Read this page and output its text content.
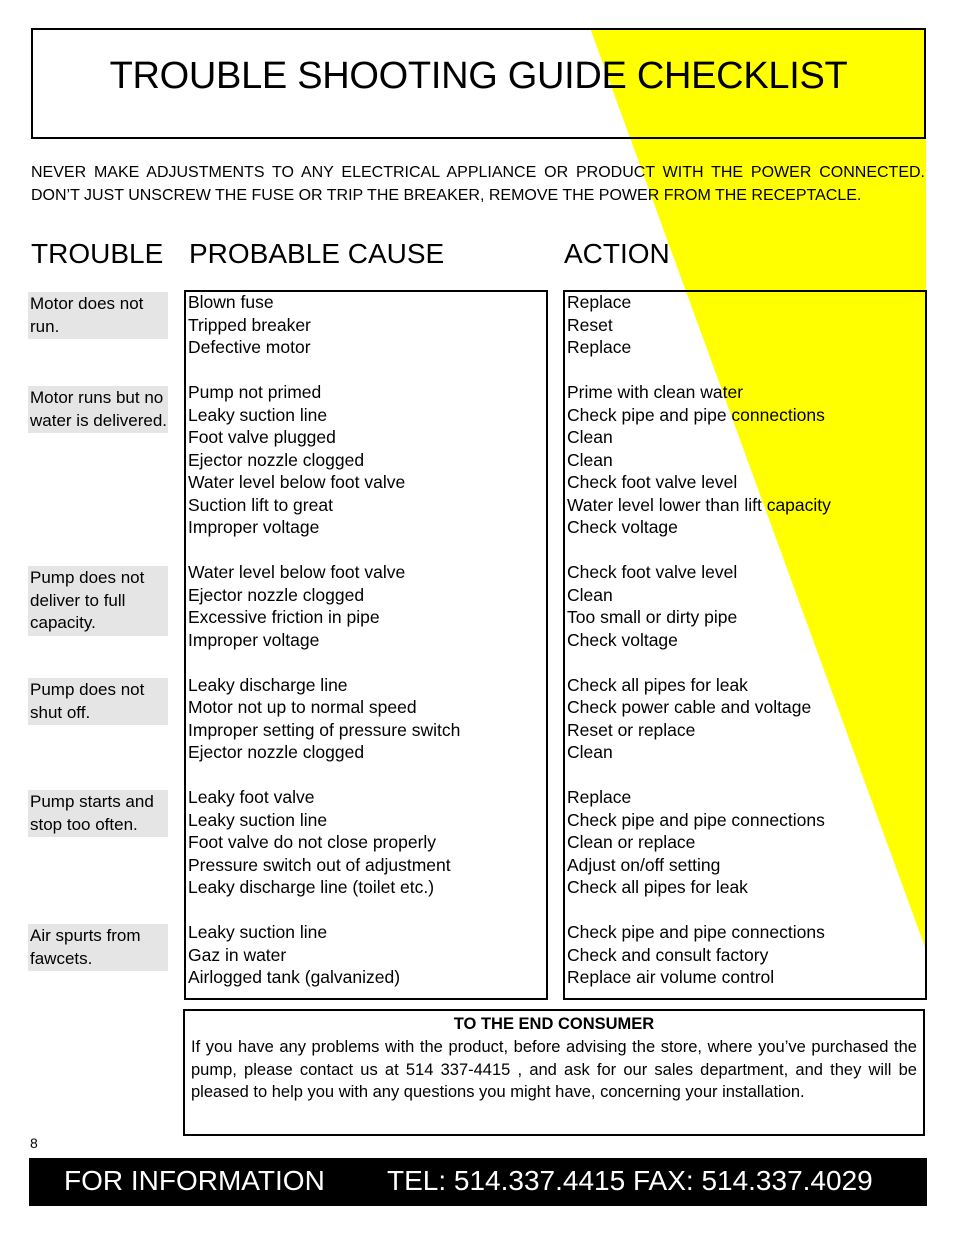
TROUBLE SHOOTING GUIDE CHECKLIST
NEVER MAKE ADJUSTMENTS TO ANY ELECTRICAL APPLIANCE OR PRODUCT WITH THE POWER CONNECTED. DON’T JUST UNSCREW THE FUSE OR TRIP THE BREAKER, REMOVE THE POWER FROM THE RECEPTACLE.
TROUBLE PROBABLE CAUSE	ACTION
Motor does not run.
Motor runs but no water is delivered.
Pump does not deliver to full capacity.
Pump does not shut off.
Pump starts and stop too often.
Air spurts from fawcets.
Blown fuse
Tripped breaker
Defective motor
Pump not primed
Leaky suction line
Foot valve plugged
Ejector nozzle clogged
Water level below foot valve
Suction lift to great
Improper voltage
Water level below foot valve
Ejector nozzle clogged
Excessive friction in pipe
Improper voltage
Leaky discharge line
Motor not up to normal speed
Improper setting of pressure switch
Ejector nozzle clogged
Leaky foot valve
Leaky suction line
Foot valve do not close properly
Pressure switch out of adjustment
Leaky discharge line (toilet etc.)
Leaky suction line
Gaz in water
Airlogged tank (galvanized)
Replace
Reset
Replace
Prime with clean water
Check pipe and pipe connections
Clean
Clean
Check foot valve level
Water level lower than lift capacity
Check voltage
Check foot valve level
Clean
Too small or dirty pipe
Check voltage
Check all pipes for leak
Check power cable and voltage
Reset or replace
Clean
Replace
Check pipe and pipe connections
Clean or replace
Adjust on/off setting
Check all pipes for leak
Check pipe and pipe connections
Check and consult factory
Replace air volume control
TO THE END CONSUMER
If you have any problems with the product, before advising the store, where you’ve purchased the pump, please contact us at 514 337-4415 , and ask for our sales department, and they will be pleased to help you with any questions you might have, concerning your installation.
8
FOR INFORMATION TEL: 514.337.4415 FAX: 514.337.4029
